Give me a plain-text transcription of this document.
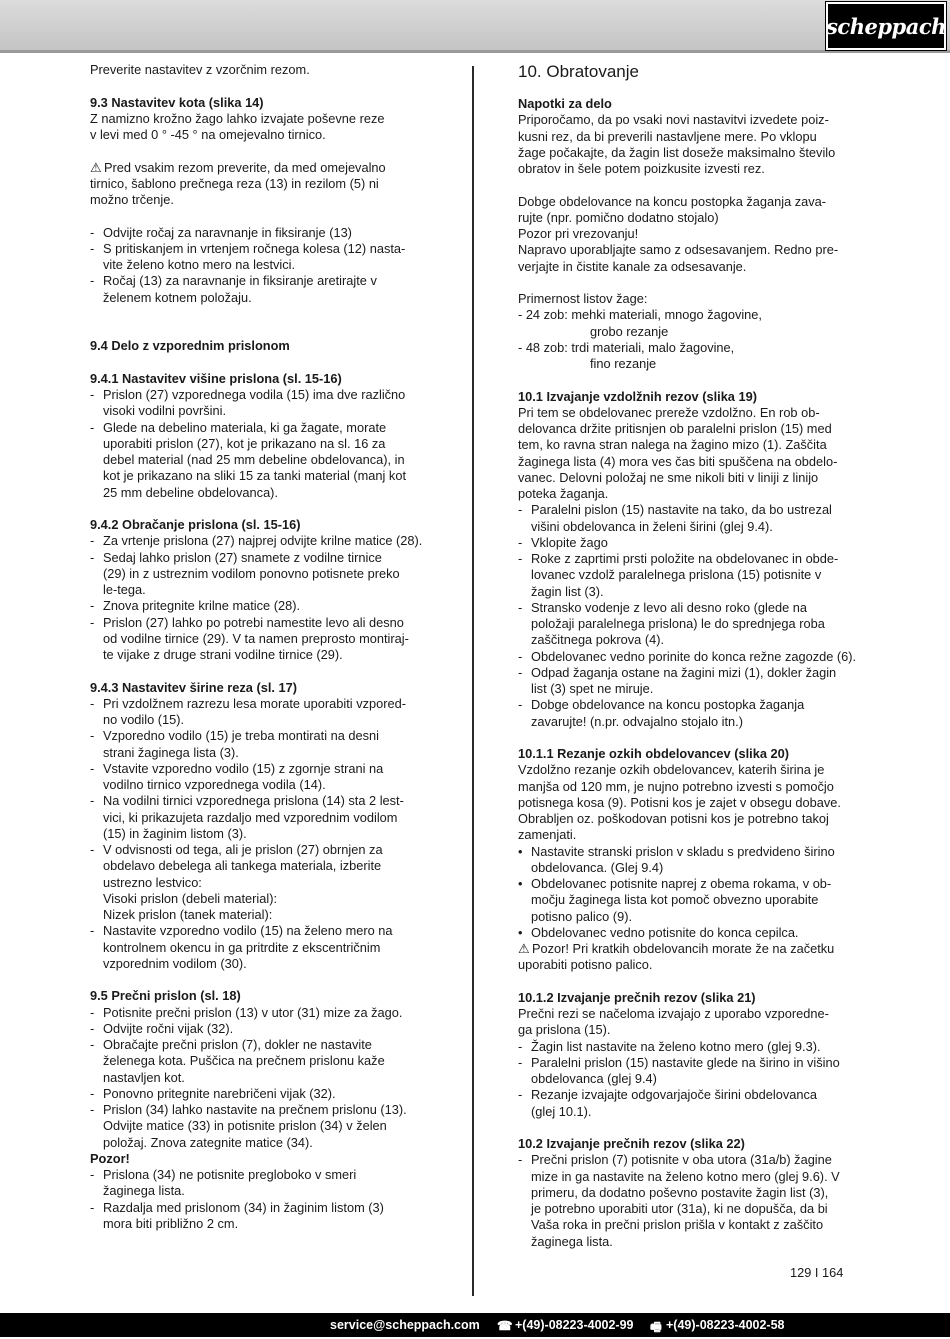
scheppach

Preverite nastavitev z vzorčnim rezom.

9.3 Nastavitev kota (slika 14)

Z namizno krožno žago lahko izvajate poševne reze

v levi med 0 ° -45 ° na omejevalno tirnico.

⚠ Pred vsakim rezom preverite, da med omejevalno

tirnico, šablono prečnega reza (13) in rezilom (5) ni

možno trčenje.

- Odvijte ročaj za naravnanje in fiksiranje (13)
- S pritiskanjem in vrtenjem ročnega kolesa (12) nasta-
vite želeno kotno mero na lestvici.
- Ročaj (13) za naravnanje in fiksiranje aretirajte v
želenem kotnem položaju.

9.4 Delo z vzporednim prislonom

9.4.1 Nastavitev višine prislona (sl. 15-16)

- Prislon (27) vzporednega vodila (15) ima dve različno
visoki vodilni površini.
- Glede na debelino materiala, ki ga žagate, morate
uporabiti prislon (27), kot je prikazano na sl. 16 za
debel material (nad 25 mm debeline obdelovanca), in
kot je prikazano na sliki 15 za tanki material (manj kot
25 mm debeline obdelovanca).

9.4.2 Obračanje prislona (sl. 15-16)

- Za vrtenje prislona (27) najprej odvijte krilne matice (28).
- Sedaj lahko prislon (27) snamete z vodilne tirnice
(29) in z ustreznim vodilom ponovno potisnete preko
le-tega.
- Znova pritegnite krilne matice (28).
- Prislon (27) lahko po potrebi namestite levo ali desno
od vodilne tirnice (29). V ta namen preprosto montiraj-
te vijake z druge strani vodilne tirnice (29).

9.4.3 Nastavitev širine reza (sl. 17)

- Pri vzdolžnem razrezu lesa morate uporabiti vzpored-
no vodilo (15).
- Vzporedno vodilo (15) je treba montirati na desni
strani žaginega lista (3).
- Vstavite vzporedno vodilo (15) z zgornje strani na
vodilno tirnico vzporednega vodila (14).
- Na vodilni tirnici vzporednega prislona (14) sta 2 lest-
vici, ki prikazujeta razdaljo med vzporednim vodilom
(15) in žaginim listom (3).
- V odvisnosti od tega, ali je prislon (27) obrnjen za
obdelavo debelega ali tankega materiala, izberite
ustrezno lestvico:
Visoki prislon (debeli material):
Nizek prislon (tanek material):
- Nastavite vzporedno vodilo (15) na želeno mero na
kontrolnem okencu in ga pritrdite z ekscentričnim
vzporednim vodilom (30).

9.5 Prečni prislon (sl. 18)

- Potisnite prečni prislon (13) v utor (31) mize za žago.
- Odvijte ročni vijak (32).
- Obračajte prečni prislon (7), dokler ne nastavite
želenega kota. Puščica na prečnem prislonu kaže
nastavljen kot.
- Ponovno pritegnite narebričeni vijak (32).
- Prislon (34) lahko nastavite na prečnem prislonu (13).
Odvijte matice (33) in potisnite prislon (34) v želen
položaj. Znova zategnite matice (34).

Pozor!

- Prislona (34) ne potisnite pregloboko v smeri
žaginega lista.
- Razdalja med prislonom (34) in žaginim listom (3)
mora biti približno 2 cm.

10. Obratovanje

Napotki za delo

Priporočamo, da po vsaki novi nastavitvi izvedete poiz-

kusni rez, da bi preverili nastavljene mere. Po vklopu

žage počakajte, da žagin list doseže maksimalno število

obratov in šele potem poizkusite izvesti rez.

Dobge obdelovance na koncu postopka žaganja zava-

rujte (npr. pomično dodatno stojalo)

Pozor pri vrezovanju!

Napravo uporabljajte samo z odsesavanjem. Redno pre-

verjajte in čistite kanale za odsesavanje.

Primernost listov žage:

- 24 zob: mehki materiali, mnogo žagovine,

grobo rezanje

- 48 zob: trdi materiali, malo žagovine,

fino rezanje

10.1 Izvajanje vzdolžnih rezov (slika 19)

Pri tem se obdelovanec prereže vzdolžno. En rob ob-

delovanca držite pritisnjen ob paralelni prislon (15) med

tem, ko ravna stran nalega na žagino mizo (1). Zaščita

žaginega lista (4) mora ves čas biti spuščena na obdelo-

vanec. Delovni položaj ne sme nikoli biti v liniji z linijo

poteka žaganja.

- Paralelni pislon (15) nastavite na tako, da bo ustrezal
višini obdelovanca in želeni širini (glej 9.4).
- Vklopite žago
- Roke z zaprtimi prsti položite na obdelovanec in obde-
lovanec vzdolž paralelnega prislona (15) potisnite v
žagin list (3).
- Stransko vodenje z levo ali desno roko (glede na
položaji paralelnega prislona) le do sprednjega roba
zaščitnega pokrova (4).
- Obdelovanec vedno porinite do konca režne zagozde (6).
- Odpad žaganja ostane na žagini mizi (1), dokler žagin
list (3) spet ne miruje.
- Dobge obdelovance na koncu postopka žaganja
zavarujte! (n.pr. odvajalno stojalo itn.)

10.1.1 Rezanje ozkih obdelovancev (slika 20)

Vzdolžno rezanje ozkih obdelovancev, katerih širina je

manjša od 120 mm, je nujno potrebno izvesti s pomočjo

potisnega kosa (9). Potisni kos je zajet v obsegu dobave.

Obrabljen oz. poškodovan potisni kos je potrebno takoj

zamenjati.

• Nastavite stranski prislon v skladu s predvideno širino
obdelovanca. (Glej 9.4)
• Obdelovanec potisnite naprej z obema rokama, v ob-
močju žaginega lista kot pomoč obvezno uporabite
potisno palico (9).
• Obdelovanec vedno potisnite do konca cepilca.

⚠ Pozor! Pri kratkih obdelovancih morate že na začetku

uporabiti potisno palico.

10.1.2 Izvajanje prečnih rezov (slika 21)

Prečni rezi se načeloma izvajajo z uporabo vzporedne-

ga prislona (15).

- Žagin list nastavite na želeno kotno mero (glej 9.3).
- Paralelni prislon (15) nastavite glede na širino in višino
obdelovanca (glej 9.4)
- Rezanje izvajajte odgovarjajoče širini obdelovanca
(glej 10.1).

10.2 Izvajanje prečnih rezov (slika 22)

- Prečni prislon (7) potisnite v oba utora (31a/b) žagine
mize in ga nastavite na želeno kotno mero (glej 9.6). V
primeru, da dodatno poševno postavite žagin list (3),
je potrebno uporabiti utor (31a), ki ne dopušča, da bi
Vaša roka in prečni prislon prišla v kontakt z zaščito
žaginega lista.
129 I 164
service@scheppach.com ☎ +(49)-08223-4002-99 🖷 +(49)-08223-4002-58
